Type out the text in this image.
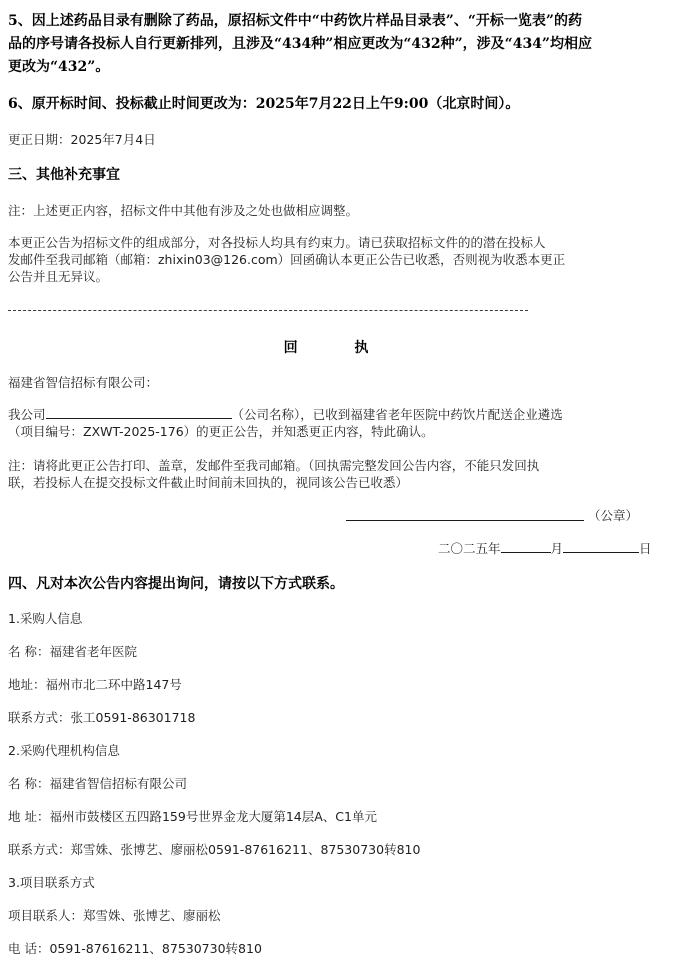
5、因上述药品目录有删除了药品，原招标文件中“中药饮片样品目录表”、“开标一览表”的药
品的序号请各投标人自行更新排列，且涉及“434种”相应更改为“432种”，涉及“434”均相应
更改为“432”。
6、原开标时间、投标截止时间更改为：2025年7月22日上午9:00（北京时间）。
更正日期：2025年7月4日
三、其他补充事宜
注：上述更正内容，招标文件中其他有涉及之处也做相应调整。
本更正公告为招标文件的组成部分，对各投标人均具有约束力。请已获取招标文件的的潜在投标人
发邮件至我司邮箱（邮箱：zhixin03@126.com）回函确认本更正公告已收悉，否则视为收悉本更正
公告并且无异议。
回 执
福建省智信招标有限公司：
我公司	（公司名称），已收到福建省老年医院中药饮片配送企业遴选
（项目编号：ZXWT-2025-176）的更正公告，并知悉更正内容，特此确认。
注：请将此更正公告打印、盖章，发邮件至我司邮箱。（回执需完整发回公告内容，不能只发回执
联，若投标人在提交投标文件截止时间前未回执的，视同该公告已收悉）
（公章）
二〇二五年	月	日
四、凡对本次公告内容提出询问，请按以下方式联系。
1.采购人信息
名 称：福建省老年医院
地址：福州市北二环中路147号
联系方式：张工0591-86301718
2.采购代理机构信息
名 称：福建省智信招标有限公司
地 址：福州市鼓楼区五四路159号世界金龙大厦第14层A、C1单元
联系方式：郑雪姝、张博艺、廖丽松0591-87616211、87530730转810
3.项目联系方式
项目联系人：郑雪姝、张博艺、廖丽松
电 话：0591-87616211、87530730转810
